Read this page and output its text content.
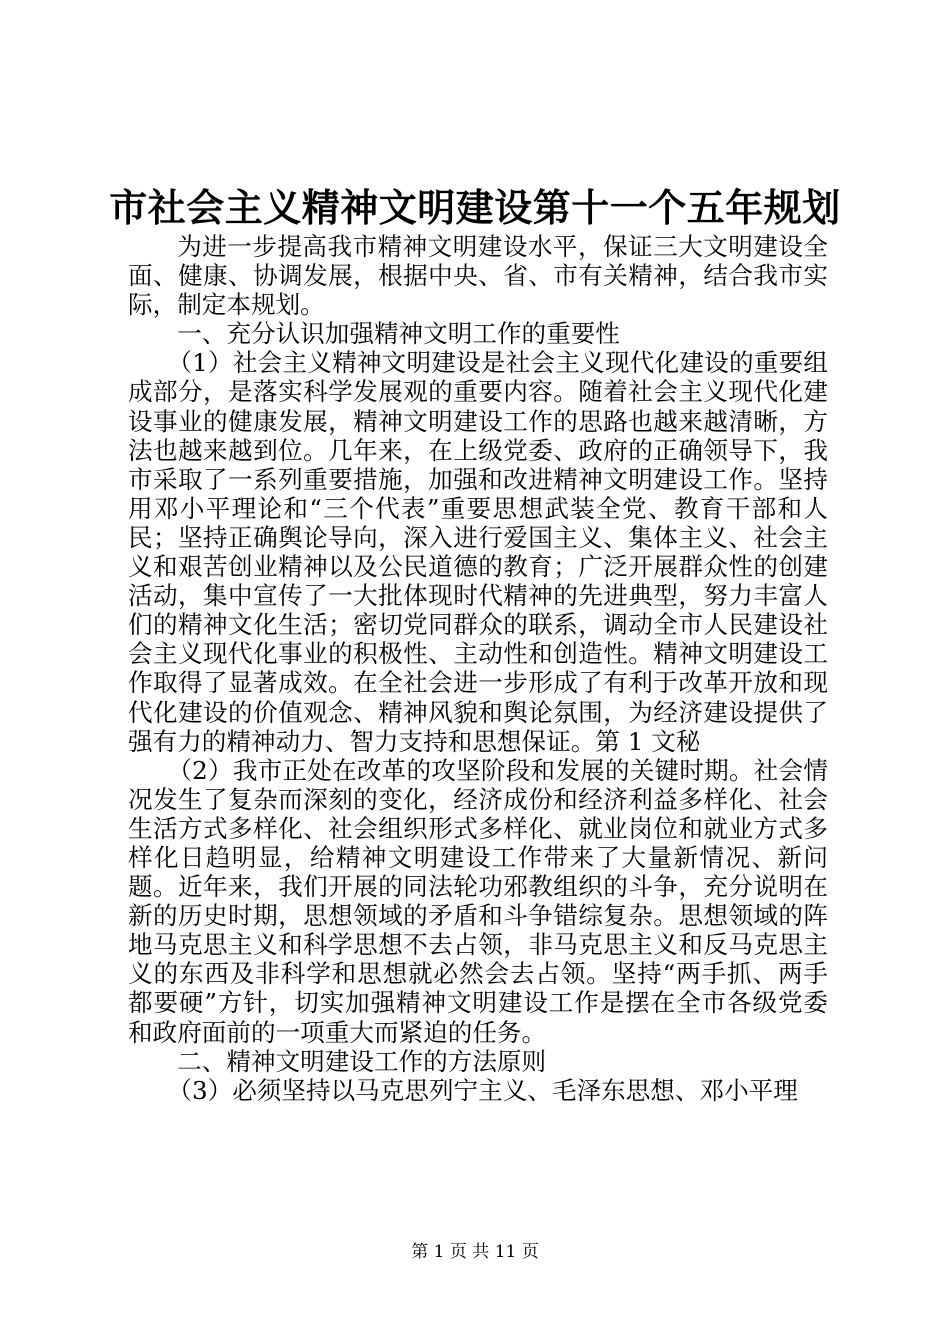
市社会主义精神文明建设第十一个五年规划

为进一步提高我市精神文明建设水平，保证三大文明建设全面、健康、协调发展，根据中央、省、市有关精神，结合我市实际，制定本规划。

一、充分认识加强精神文明工作的重要性

（1）社会主义精神文明建设是社会主义现代化建设的重要组成部分，是落实科学发展观的重要内容。随着社会主义现代化建设事业的健康发展，精神文明建设工作的思路也越来越清晰，方法也越来越到位。几年来，在上级党委、政府的正确领导下，我市采取了一系列重要措施，加强和改进精神文明建设工作。坚持用邓小平理论和“三个代表”重要思想武装全党、教育干部和人民；坚持正确舆论导向，深入进行爱国主义、集体主义、社会主义和艰苦创业精神以及公民道德的教育；广泛开展群众性的创建活动，集中宣传了一大批体现时代精神的先进典型，努力丰富人们的精神文化生活；密切党同群众的联系，调动全市人民建设社会主义现代化事业的积极性、主动性和创造性。精神文明建设工作取得了显著成效。在全社会进一步形成了有利于改革开放和现代化建设的价值观念、精神风貌和舆论氛围，为经济建设提供了强有力的精神动力、智力支持和思想保证。第 1 文秘

（2）我市正处在改革的攻坚阶段和发展的关键时期。社会情况发生了复杂而深刻的变化，经济成份和经济利益多样化、社会生活方式多样化、社会组织形式多样化、就业岗位和就业方式多样化日趋明显，给精神文明建设工作带来了大量新情况、新问题。近年来，我们开展的同法轮功邪教组织的斗争，充分说明在新的历史时期，思想领域的矛盾和斗争错综复杂。思想领域的阵地马克思主义和科学思想不去占领，非马克思主义和反马克思主义的东西及非科学和思想就必然会去占领。坚持“两手抓、两手都要硬”方针，切实加强精神文明建设工作是摆在全市各级党委和政府面前的一项重大而紧迫的任务。

二、精神文明建设工作的方法原则

（3）必须坚持以马克思列宁主义、毛泽东思想、邓小平理

第 1 页 共 11 页
